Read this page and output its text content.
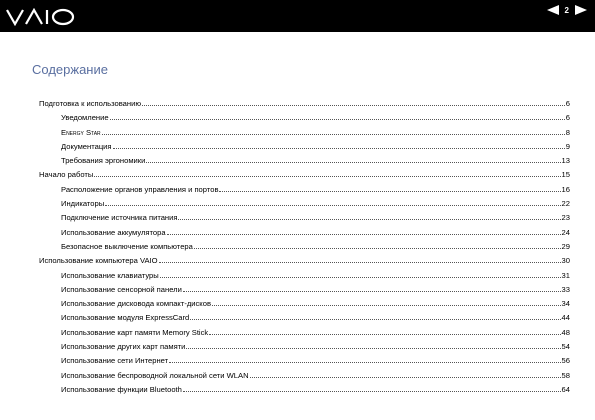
2
Содержание
Подготовка к использованию	6
Уведомление	6
Energy Star	8
Документация	9
Требования эргономики	13
Начало работы	15
Расположение органов управления и портов	16
Индикаторы	22
Подключение источника питания	23
Использование аккумулятора	24
Безопасное выключение компьютера	29
Использование компьютера VAIO	30
Использование клавиатуры	31
Использование сенсорной панели	33
Использование дисковода компакт-дисков	34
Использование модуля ExpressCard	44
Использование карт памяти Memory Stick	48
Использование других карт памяти	54
Использование сети Интернет	56
Использование беспроводной локальной сети WLAN	58
Использование функции Bluetooth	64
